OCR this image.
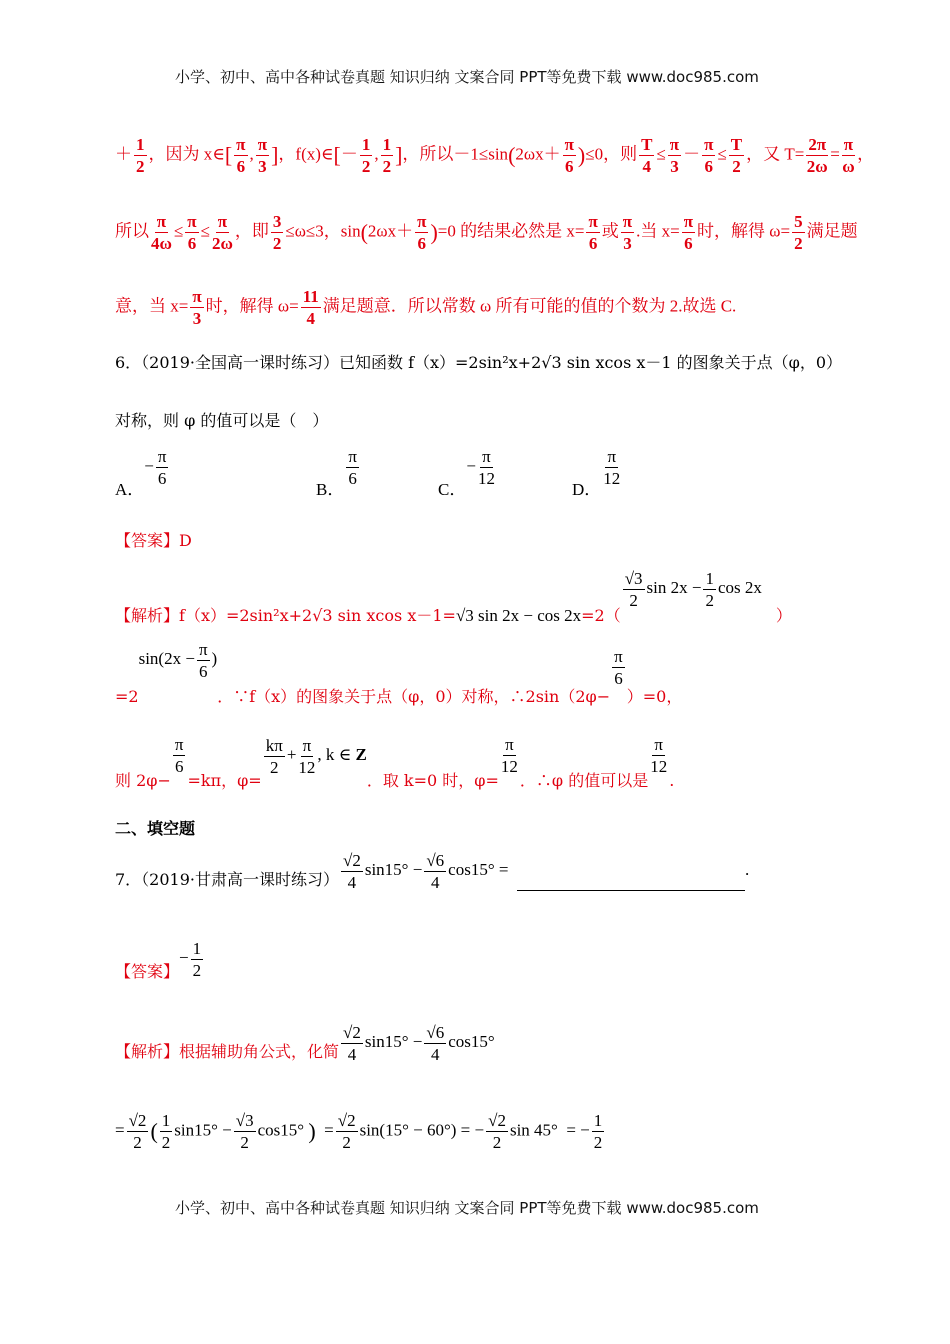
小学、初中、高中各种试卷真题 知识归纳 文案合同 PPT等免费下载 www.doc985.com
＋ $\frac{1}{2}$ ，因为 x∈[ $\frac{\pi}{6}$ , $\frac{\pi}{3}$ ]，f(x)∈[－ $\frac{1}{2}$ , $\frac{1}{2}$ ]，所以$-1\le\sin(2\omega x+ \frac{\pi}{6} )\le 0$，则 $\frac{T}{4} \le \frac{\pi}{3} - \frac{\pi}{6} \le \frac{T}{2}$ ，又 $T= \frac{2\pi}{2\omega} = \frac{\pi}{\omega}$ ，
所以 $\frac{\pi}{4\omega} \le \frac{\pi}{6} \le \frac{\pi}{2\omega}$ ，即 $\frac{3}{2} \le\omega\le 3$，$\sin(2\omega x+ \frac{\pi}{6} )=0$ 的结果必然是 $x= \frac{\pi}{6}$ 或 $\frac{\pi}{3}$ .当 $x= \frac{\pi}{6}$ 时，解得 $\omega= \frac{5}{2}$ 满足题
意，当 $x= \frac{\pi}{3}$ 时，解得 $\omega= \frac{11}{4}$ 满足题意．所以常数 ω 所有可能的值的个数为 2.故选 C.
6．（2019·全国高一课时练习）已知函数 f（x）=2sin²x+2√3 sin xcos x－1 的图象关于点（φ，0）
对称，则 φ 的值可以是（　）
A．− $\frac{\pi}{6}$
B．
$\frac{\pi}{6}$
C．− $\frac{\pi}{12}$
D．
$\frac{\pi}{12}$
【答案】D
【解析】f（x）=2sin²x+2√3 sin xcos x－1=√3 sin 2x − cos 2x=2（
$\frac{√3}{2}$ $\sin 2x - \frac{1}{2}$ cos 2x）
$=2\sin(2x - \frac{\pi}{6}$ )．∵f（x）的图象关于点（φ，0）对称，∴2sin（2φ−
$\frac{\pi}{6}$
）=0，
则 2φ−
$\frac{\pi}{6}$
=kπ，φ=
$\frac{k\pi}{2} + \frac{\pi}{12}$ , k ∈ Z．取 k=0 时，φ=
$\frac{\pi}{12}$
．∴φ 的值可以是
$\frac{\pi}{12}$
.
二、填空题
7．（2019·甘肃高一课时练习） $\frac{√2}{4} \sin 15^\circ - \frac{√6}{4} \cos 15^\circ$ =	.
【答案】− $\frac{1}{2}$
【解析】根据辅助角公式，化简 $\frac{√2}{4} \sin 15^\circ - \frac{√6}{4} \cos 15^\circ$
= $\frac{√2}{2}$ ( $\frac{1}{2} \sin 15^\circ - \frac{√3}{2} \cos 15^\circ$ ) = $\frac{√2}{2} \sin(15^\circ - 60^\circ)$ = − $\frac{√2}{2}$ sin 45° = − $\frac{1}{2}$
小学、初中、高中各种试卷真题 知识归纳 文案合同 PPT等免费下载 www.doc985.com
